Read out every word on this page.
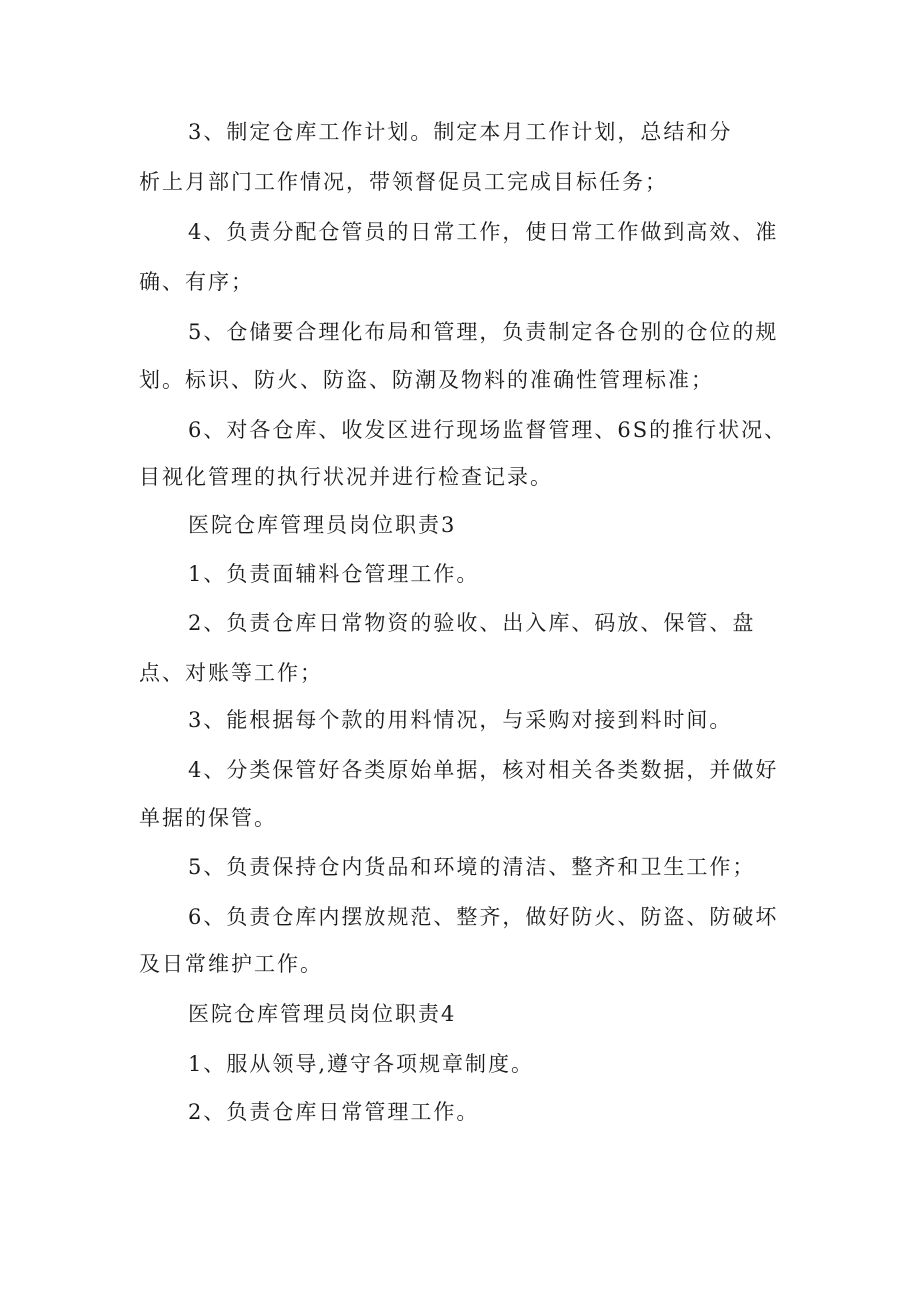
3、制定仓库工作计划。制定本月工作计划，总结和分

析上月部门工作情况，带领督促员工完成目标任务；

4、负责分配仓管员的日常工作，使日常工作做到高效、准

确、有序；

5、仓储要合理化布局和管理，负责制定各仓别的仓位的规

划。标识、防火、防盗、防潮及物料的准确性管理标准；

6、对各仓库、收发区进行现场监督管理、6S的推行状况、

目视化管理的执行状况并进行检查记录。

医院仓库管理员岗位职责3

1、负责面辅料仓管理工作。

2、负责仓库日常物资的验收、出入库、码放、保管、盘

点、对账等工作；

3、能根据每个款的用料情况，与采购对接到料时间。

4、分类保管好各类原始单据，核对相关各类数据，并做好

单据的保管。

5、负责保持仓内货品和环境的清洁、整齐和卫生工作；

6、负责仓库内摆放规范、整齐，做好防火、防盗、防破坏

及日常维护工作。

医院仓库管理员岗位职责4

1、服从领导,遵守各项规章制度。

2、负责仓库日常管理工作。
